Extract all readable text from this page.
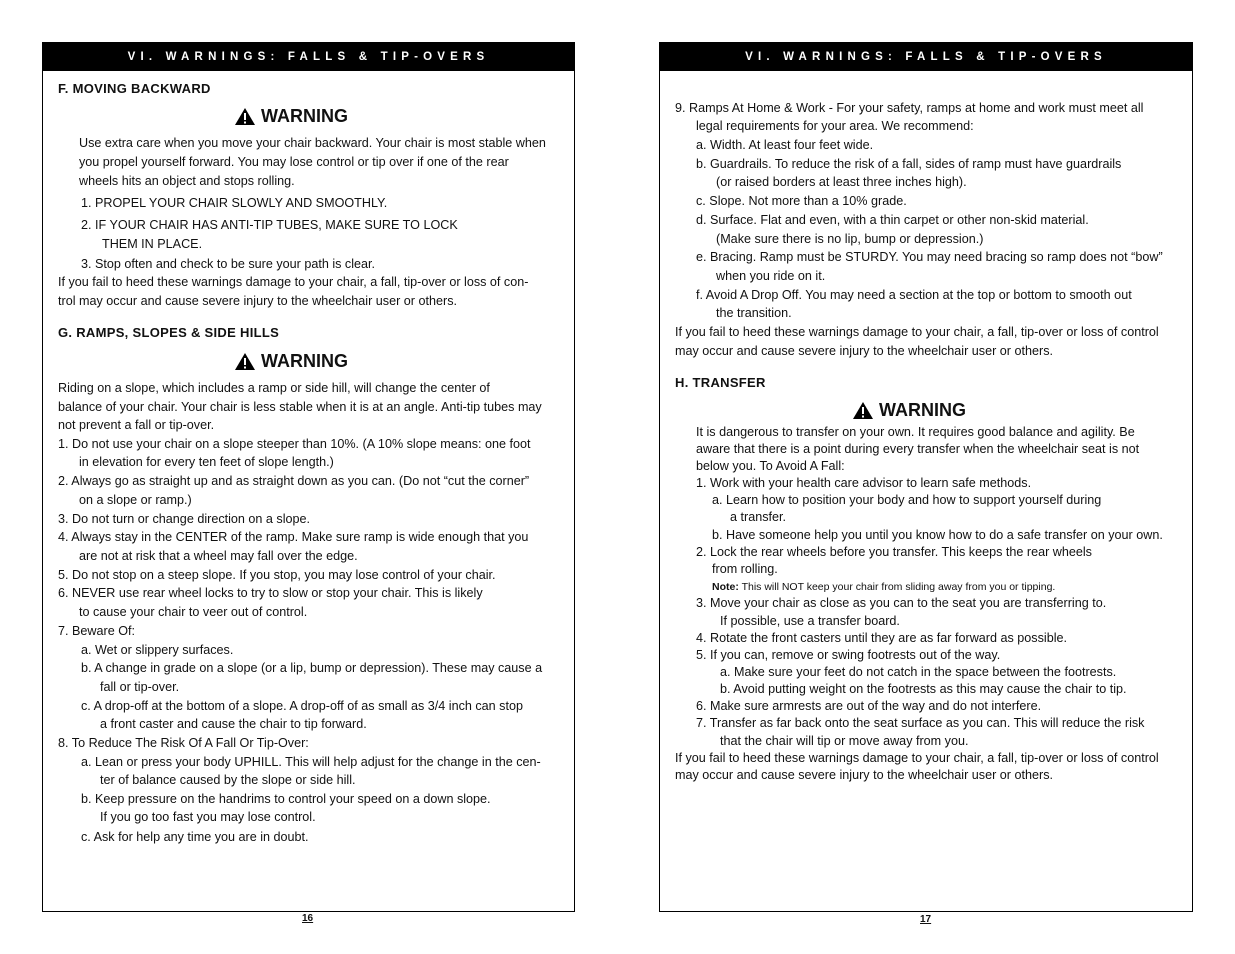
VI. WARNINGS: FALLS & TIP-OVERS
F. MOVING BACKWARD
WARNING
Use extra care when you move your chair backward. Your chair is most stable when
you propel yourself forward. You may lose control or tip over if one of the rear
wheels hits an object and stops rolling.
1. PROPEL YOUR CHAIR SLOWLY AND SMOOTHLY.
2. IF YOUR CHAIR HAS ANTI-TIP TUBES, MAKE SURE TO LOCK
THEM IN PLACE.
3. Stop often and check to be sure your path is clear.
If you fail to heed these warnings damage to your chair, a fall, tip-over or loss of con-
trol may occur and cause severe injury to the wheelchair user or others.
G. RAMPS, SLOPES & SIDE HILLS
WARNING
Riding on a slope, which includes a ramp or side hill, will change the center of
balance of your chair. Your chair is less stable when it is at an angle. Anti-tip tubes may
not prevent a fall or tip-over.
1. Do not use your chair on a slope steeper than 10%. (A 10% slope means: one foot
in elevation for every ten feet of slope length.)
2. Always go as straight up and as straight down as you can. (Do not “cut the corner”
on a slope or ramp.)
3. Do not turn or change direction on a slope.
4. Always stay in the CENTER of the ramp. Make sure ramp is wide enough that you
are not at risk that a wheel may fall over the edge.
5. Do not stop on a steep slope. If you stop, you may lose control of your chair.
6. NEVER use rear wheel locks to try to slow or stop your chair. This is likely
to cause your chair to veer out of control.
7. Beware Of:
a. Wet or slippery surfaces.
b. A change in grade on a slope (or a lip, bump or depression). These may cause a
fall or tip-over.
c. A drop-off at the bottom of a slope. A drop-off of as small as 3/4 inch can stop
a front caster and cause the chair to tip forward.
8. To Reduce The Risk Of A Fall Or Tip-Over:
a. Lean or press your body UPHILL. This will help adjust for the change in the cen-
ter of balance caused by the slope or side hill.
b. Keep pressure on the handrims to control your speed on a down slope.
If you go too fast you may lose control.
c. Ask for help any time you are in doubt.
16
VI. WARNINGS: FALLS & TIP-OVERS
9. Ramps At Home & Work - For your safety, ramps at home and work must meet all
legal requirements for your area. We recommend:
a. Width. At least four feet wide.
b. Guardrails. To reduce the risk of a fall, sides of ramp must have guardrails
(or raised borders at least three inches high).
c. Slope. Not more than a 10% grade.
d. Surface. Flat and even, with a thin carpet or other non-skid material.
(Make sure there is no lip, bump or depression.)
e. Bracing. Ramp must be STURDY. You may need bracing so ramp does not “bow”
when you ride on it.
f. Avoid A Drop Off. You may need a section at the top or bottom to smooth out
the transition.
If you fail to heed these warnings damage to your chair, a fall, tip-over or loss of control
may occur and cause severe injury to the wheelchair user or others.
H. TRANSFER
WARNING
It is dangerous to transfer on your own. It requires good balance and agility. Be
aware that there is a point during every transfer when the wheelchair seat is not
below you. To Avoid A Fall:
1. Work with your health care advisor to learn safe methods.
a. Learn how to position your body and how to support yourself during
a transfer.
b. Have someone help you until you know how to do a safe transfer on your own.
2. Lock the rear wheels before you transfer. This keeps the rear wheels
from rolling.
Note: This will NOT keep your chair from sliding away from you or tipping.
3. Move your chair as close as you can to the seat you are transferring to.
If possible, use a transfer board.
4. Rotate the front casters until they are as far forward as possible.
5. If you can, remove or swing footrests out of the way.
a. Make sure your feet do not catch in the space between the footrests.
b. Avoid putting weight on the footrests as this may cause the chair to tip.
6. Make sure armrests are out of the way and do not interfere.
7. Transfer as far back onto the seat surface as you can. This will reduce the risk
that the chair will tip or move away from you.
If you fail to heed these warnings damage to your chair, a fall, tip-over or loss of control
may occur and cause severe injury to the wheelchair user or others.
17
